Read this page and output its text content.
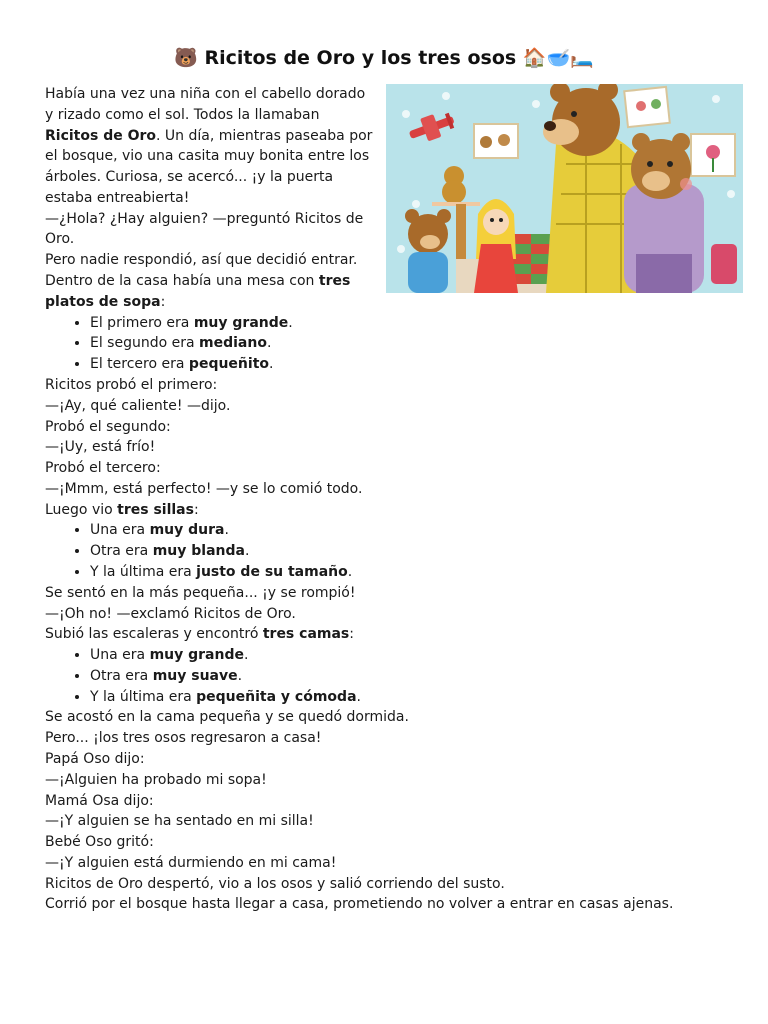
🐻 Ricitos de Oro y los tres osos 🏠🥣🛏️

Había una vez una niña con el cabello dorado y rizado como el sol. Todos la llamaban Ricitos de Oro. Un día, mientras paseaba por el bosque, vio una casita muy bonita entre los árboles. Curiosa, se acercó... ¡y la puerta estaba entreabierta!

—¿Hola? ¿Hay alguien? —preguntó Ricitos de Oro.

Pero nadie respondió, así que decidió entrar.

Dentro de la casa había una mesa con tres platos de sopa:

• El primero era muy grande.
• El segundo era mediano.
• El tercero era pequeñito.

Ricitos probó el primero:

—¡Ay, qué caliente! —dijo.

Probó el segundo:

—¡Uy, está frío!

Probó el tercero:

—¡Mmm, está perfecto! —y se lo comió todo.

Luego vio tres sillas:

• Una era muy dura.
• Otra era muy blanda.
• Y la última era justo de su tamaño.

Se sentó en la más pequeña... ¡y se rompió!

—¡Oh no! —exclamó Ricitos de Oro.

Subió las escaleras y encontró tres camas:

• Una era muy grande.
• Otra era muy suave.
• Y la última era pequeñita y cómoda.

Se acostó en la cama pequeña y se quedó dormida.

Pero... ¡los tres osos regresaron a casa!

Papá Oso dijo:

—¡Alguien ha probado mi sopa!

Mamá Osa dijo:

—¡Y alguien se ha sentado en mi silla!

Bebé Oso gritó:

—¡Y alguien está durmiendo en mi cama!

Ricitos de Oro despertó, vio a los osos y salió corriendo del susto.

Corrió por el bosque hasta llegar a casa, prometiendo no volver a entrar en casas ajenas.
